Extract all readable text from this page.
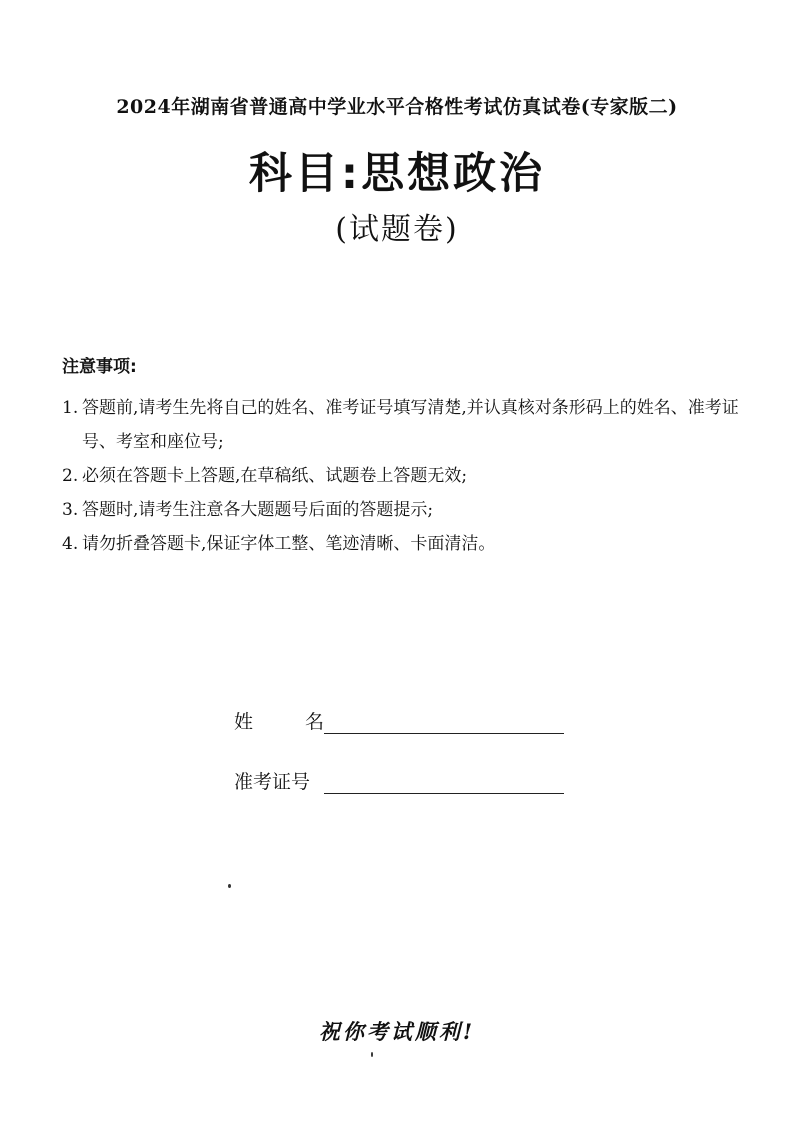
2024年湖南省普通高中学业水平合格性考试仿真试卷(专家版二)
科目:思想政治
(试题卷)
注意事项:
1. 答题前,请考生先将自己的姓名、准考证号填写清楚,并认真核对条形码上的姓名、准考证号、考室和座位号;
2. 必须在答题卡上答题,在草稿纸、试题卷上答题无效;
3. 答题时,请考生注意各大题题号后面的答题提示;
4. 请勿折叠答题卡,保证字体工整、笔迹清晰、卡面清洁。
姓	名
准考证号
祝你考试顺利!
